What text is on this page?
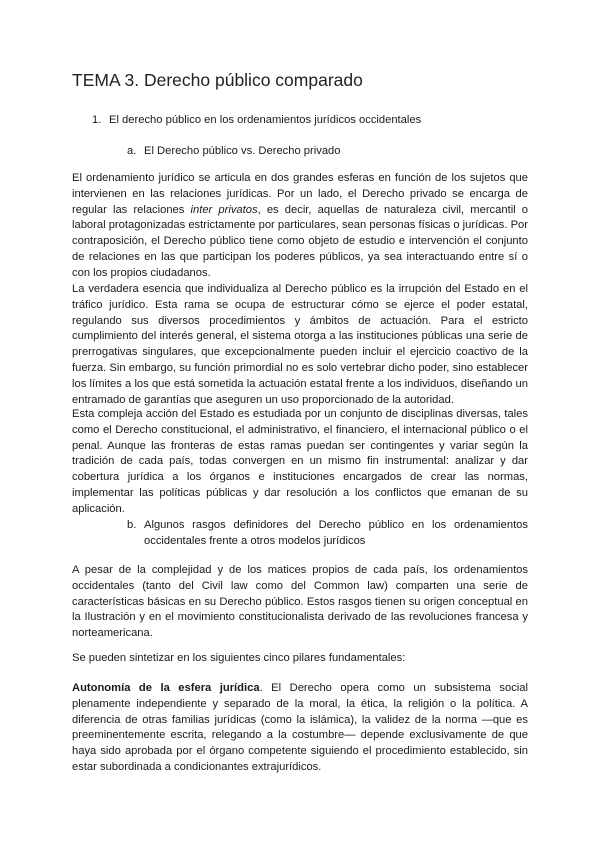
TEMA 3. Derecho público comparado

1. El derecho público en los ordenamientos jurídicos occidentales

a. El Derecho público vs. Derecho privado

El ordenamiento jurídico se articula en dos grandes esferas en función de los sujetos que intervienen en las relaciones jurídicas. Por un lado, el Derecho privado se encarga de regular las relaciones inter privatos, es decir, aquellas de naturaleza civil, mercantil o laboral protagonizadas estrictamente por particulares, sean personas físicas o jurídicas. Por contraposición, el Derecho público tiene como objeto de estudio e intervención el conjunto de relaciones en las que participan los poderes públicos, ya sea interactuando entre sí o con los propios ciudadanos.

La verdadera esencia que individualiza al Derecho público es la irrupción del Estado en el tráfico jurídico. Esta rama se ocupa de estructurar cómo se ejerce el poder estatal, regulando sus diversos procedimientos y ámbitos de actuación. Para el estricto cumplimiento del interés general, el sistema otorga a las instituciones públicas una serie de prerrogativas singulares, que excepcionalmente pueden incluir el ejercicio coactivo de la fuerza. Sin embargo, su función primordial no es solo vertebrar dicho poder, sino establecer los límites a los que está sometida la actuación estatal frente a los individuos, diseñando un entramado de garantías que aseguren un uso proporcionado de la autoridad.

Esta compleja acción del Estado es estudiada por un conjunto de disciplinas diversas, tales como el Derecho constitucional, el administrativo, el financiero, el internacional público o el penal. Aunque las fronteras de estas ramas puedan ser contingentes y variar según la tradición de cada país, todas convergen en un mismo fin instrumental: analizar y dar cobertura jurídica a los órganos e instituciones encargados de crear las normas, implementar las políticas públicas y dar resolución a los conflictos que emanan de su aplicación.

b. Algunos rasgos definidores del Derecho público en los ordenamientos occidentales frente a otros modelos jurídicos

A pesar de la complejidad y de los matices propios de cada país, los ordenamientos occidentales (tanto del Civil law como del Common law) comparten una serie de características básicas en su Derecho público. Estos rasgos tienen su origen conceptual en la Ilustración y en el movimiento constitucionalista derivado de las revoluciones francesa y norteamericana.

Se pueden sintetizar en los siguientes cinco pilares fundamentales:

Autonomía de la esfera jurídica. El Derecho opera como un subsistema social plenamente independiente y separado de la moral, la ética, la religión o la política. A diferencia de otras familias jurídicas (como la islámica), la validez de la norma —que es preeminentemente escrita, relegando a la costumbre— depende exclusivamente de que haya sido aprobada por el órgano competente siguiendo el procedimiento establecido, sin estar subordinada a condicionantes extrajurídicos.
